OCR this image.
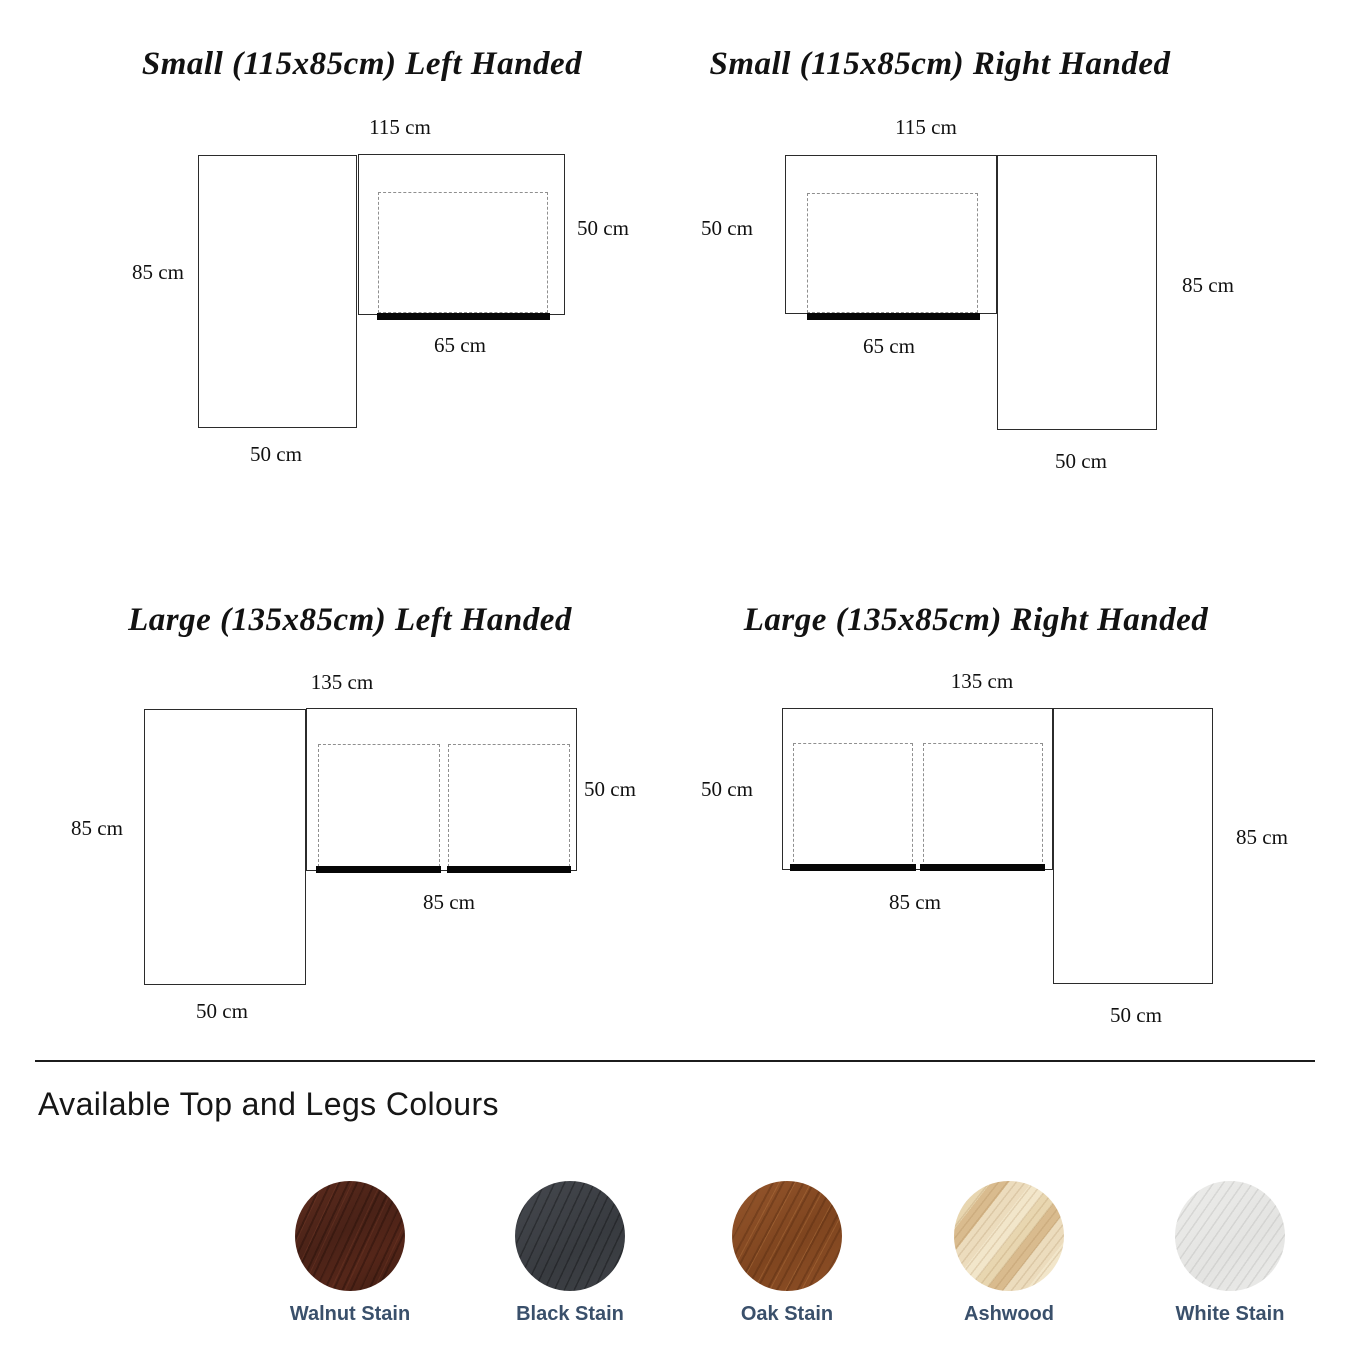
Small (115x85cm) Left Handed
115 cm
65 cm
50 cm
85 cm
50 cm
Small (115x85cm) Right Handed
115 cm
65 cm
50 cm
85 cm
50 cm
Large (135x85cm) Left Handed
135 cm
85 cm
50 cm
85 cm
50 cm
Large (135x85cm) Right Handed
135 cm
85 cm
50 cm
85 cm
50 cm
Available Top and Legs Colours
Walnut Stain	Black Stain	Oak Stain	Ashwood	White Stain
